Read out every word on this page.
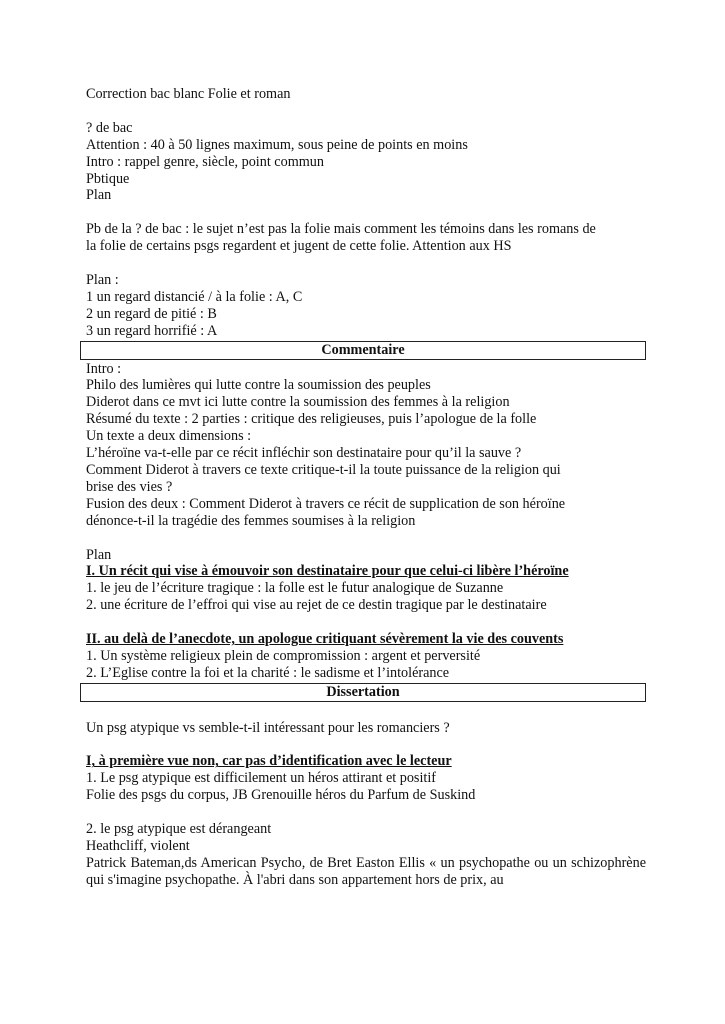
Correction bac blanc Folie et roman
? de bac
Attention : 40 à 50 lignes maximum, sous peine de points en moins
Intro : rappel genre, siècle, point commun
Pbtique
Plan
Pb de la ? de bac : le sujet n’est pas la folie mais comment les témoins dans les romans de
la folie de certains psgs regardent et jugent de cette folie. Attention aux HS
Plan :
1 un regard distancié / à la folie : A, C
2 un regard de pitié : B
3 un regard horrifié : A
Commentaire
Intro :
Philo des lumières qui lutte contre la soumission des peuples
Diderot dans ce mvt ici lutte contre la soumission des femmes à la religion
Résumé du texte : 2 parties : critique des religieuses, puis l’apologue de la folle
Un texte a deux dimensions :
L’héroïne va-t-elle par ce récit infléchir son destinataire pour qu’il la sauve ?
Comment Diderot à travers ce texte critique-t-il la toute puissance de la religion qui
brise des vies ?
Fusion des deux : Comment Diderot à travers ce récit de supplication de son héroïne
dénonce-t-il la tragédie des femmes soumises à la religion
Plan
I. Un récit qui vise à émouvoir son destinataire pour que celui-ci libère l’héroïne
1. le jeu de l’écriture tragique : la folle est le futur analogique de Suzanne
2. une écriture de l’effroi qui vise au rejet de ce destin tragique par le destinataire
II. au delà de l’anecdote, un apologue critiquant sévèrement la vie des couvents
1. Un système religieux plein de compromission : argent et perversité
2. L’Eglise contre la foi et la charité : le sadisme et l’intolérance
Dissertation
Un psg atypique vs semble-t-il intéressant pour les romanciers ?
I, à première vue non, car pas d’identification avec le lecteur
1. Le psg atypique est difficilement un héros attirant et positif
Folie des psgs du corpus, JB Grenouille héros du Parfum de Suskind
2. le psg atypique est dérangeant
Heathcliff, violent
Patrick Bateman,ds American Psycho, de Bret Easton Ellis « un psychopathe ou un schizophrène qui s'imagine psychopathe. À l'abri dans son appartement hors de prix, au
